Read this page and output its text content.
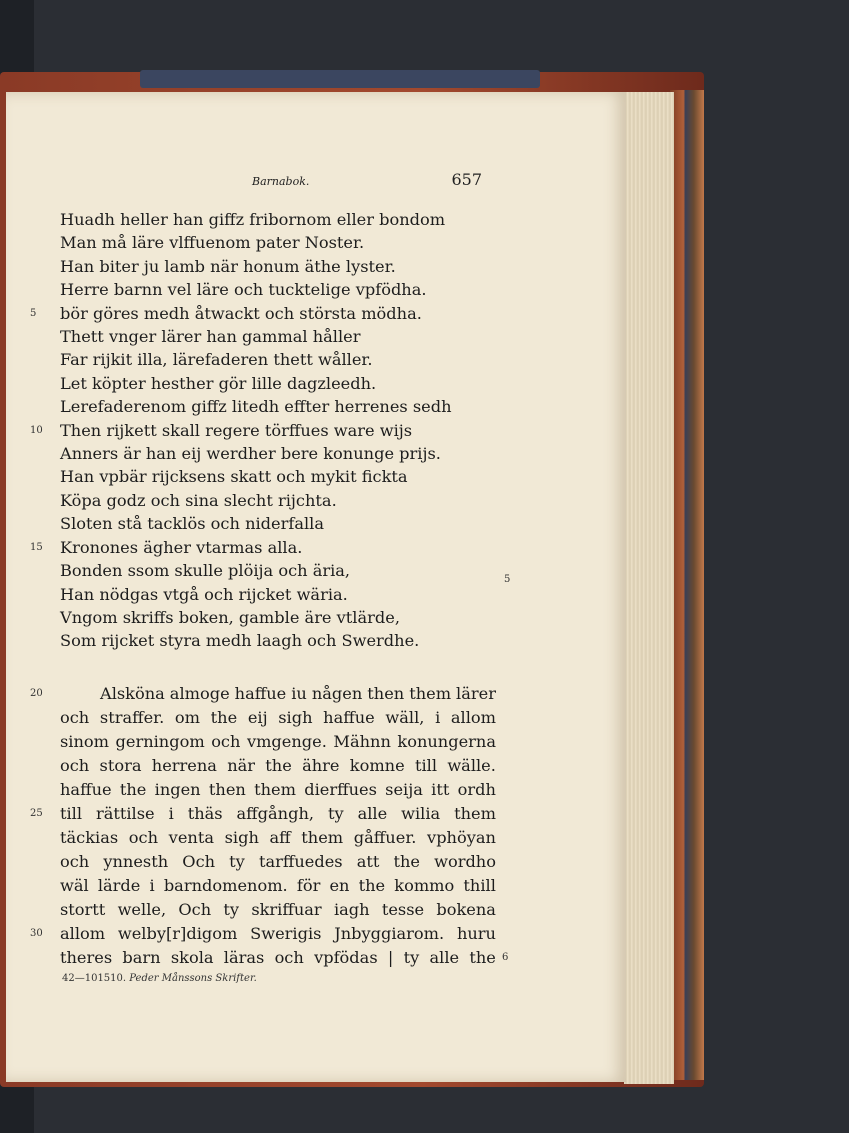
Barnabok.	657
Huadh heller han giffz fribornom eller bondom
Man må läre vlffuenom pater Noster.
Han biter ju lamb när honum äthe lyster.
Herre barnn vel läre och tucktelige vpfödha.
5 bör göres medh åtwackt och största mödha.
Thett vnger lärer han gammal håller
Far rijkit illa, lärefaderen thett wåller.
Let köpter hesther gör lille dagzleedh.
Lerefaderenom giffz litedh effter herrenes sedh
10 Then rijkett skall regere törffues ware wijs
Anners är han eij werdher bere konunge prijs.
Han vpbär rijcksens skatt och mykit fickta
Köpa godz och sina slecht rijchta.
Sloten stå tacklös och niderfalla
15 Kronones ägher vtarmas alla.
Bonden ssom skulle plöija och äria,
Han nödgas vtgå och rijcket wäria.
Vngom skriffs boken, gamble äre vtlärde,
Som rijcket styra medh laagh och Swerdhe.
5
20	Alsköna almoge haffue iu någen then them lärer
och straffer. om the eij sigh haffue wäll, i allom
sinom gerningom och vmgenge. Mähnn konungerna
och stora herrena när the ähre komne till wälle.
haffue the ingen then them dierffues seija itt ordh
25 till rättilse i thäs affgångh, ty alle wilia them
täckias och venta sigh aff them gåffuer. vphöyan
och ynnesth Och ty tarffuedes att the wordho
wäl lärde i barndomenom. för en the kommo thill
stortt welle, Och ty skriffuar iagh tesse bokena
30 allom welby[r]digom Swerigis Jnbyggiarom. huru
theres barn skola läras och vpfödas | ty alle the 6
42—101510. Peder Månssons Skrifter.
